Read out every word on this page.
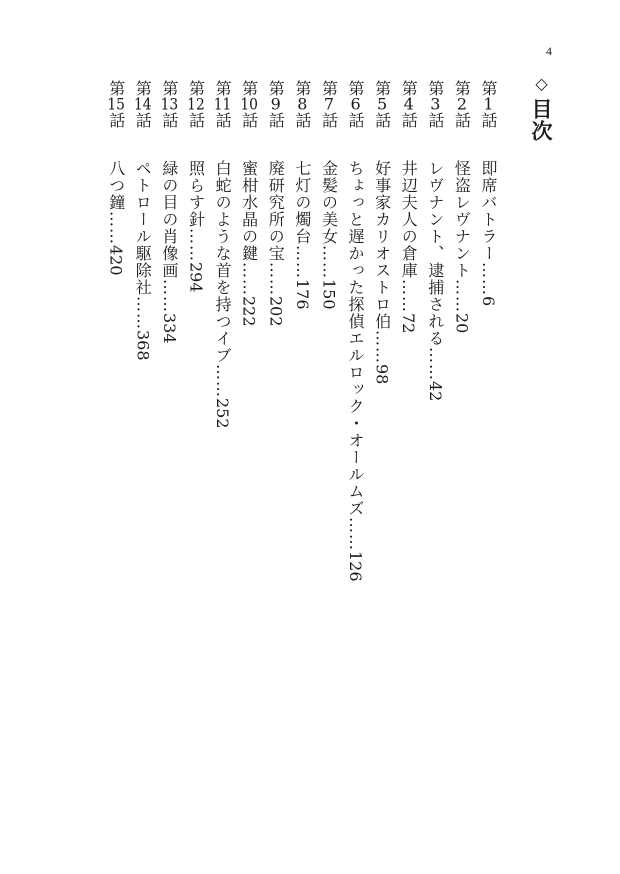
4
◇目次
第1話
即席バトラー……6
第2話
怪盗レヴナント……20
第3話
レヴナント、逮捕される……42
第4話
井辺夫人の倉庫……72
第5話
好事家カリオストロ伯……98
第6話
ちょっと遅かった探偵エルロック・オールムズ……126
第7話
金髪の美女……150
第8話
七灯の燭台……176
第9話
廃研究所の宝……202
第10話
蜜柑水晶の鍵……222
第11話
白蛇のような首を持つイブ……252
第12話
照らす針……294
第13話
緑の目の肖像画……334
第14話
ペトロール駆除社……368
第15話
八つ鐘……420
